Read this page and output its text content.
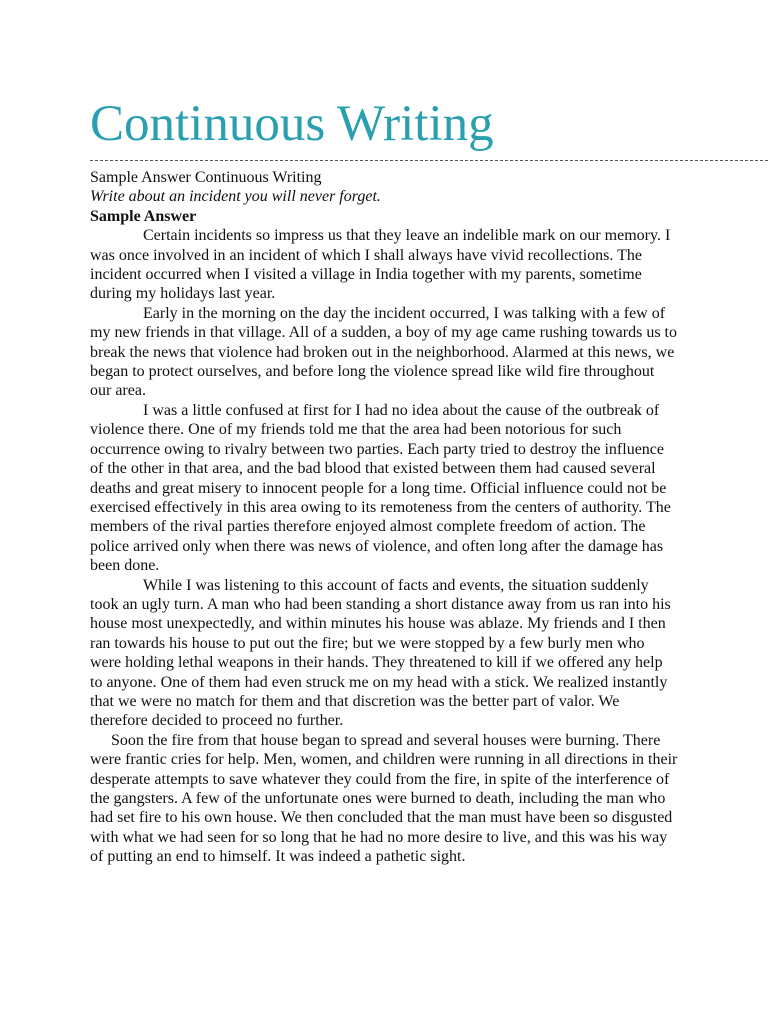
Continuous Writing

Sample Answer Continuous Writing

Write about an incident you will never forget.

Sample Answer

Certain incidents so impress us that they leave an indelible mark on our memory. I was once involved in an incident of which I shall always have vivid recollections. The incident occurred when I visited a village in India together with my parents, sometime during my holidays last year.

Early in the morning on the day the incident occurred, I was talking with a few of my new friends in that village. All of a sudden, a boy of my age came rushing towards us to break the news that violence had broken out in the neighborhood. Alarmed at this news, we began to protect ourselves, and before long the violence spread like wild fire throughout our area.

I was a little confused at first for I had no idea about the cause of the outbreak of violence there. One of my friends told me that the area had been notorious for such occurrence owing to rivalry between two parties. Each party tried to destroy the influence of the other in that area, and the bad blood that existed between them had caused several deaths and great misery to innocent people for a long time. Official influence could not be exercised effectively in this area owing to its remoteness from the centers of authority. The members of the rival parties therefore enjoyed almost complete freedom of action. The police arrived only when there was news of violence, and often long after the damage has been done.

While I was listening to this account of facts and events, the situation suddenly took an ugly turn. A man who had been standing a short distance away from us ran into his house most unexpectedly, and within minutes his house was ablaze. My friends and I then ran towards his house to put out the fire; but we were stopped by a few burly men who were holding lethal weapons in their hands. They threatened to kill if we offered any help to anyone. One of them had even struck me on my head with a stick. We realized instantly that we were no match for them and that discretion was the better part of valor. We therefore decided to proceed no further.

Soon the fire from that house began to spread and several houses were burning. There were frantic cries for help. Men, women, and children were running in all directions in their desperate attempts to save whatever they could from the fire, in spite of the interference of the gangsters. A few of the unfortunate ones were burned to death, including the man who had set fire to his own house. We then concluded that the man must have been so disgusted with what we had seen for so long that he had no more desire to live, and this was his way of putting an end to himself. It was indeed a pathetic sight.
